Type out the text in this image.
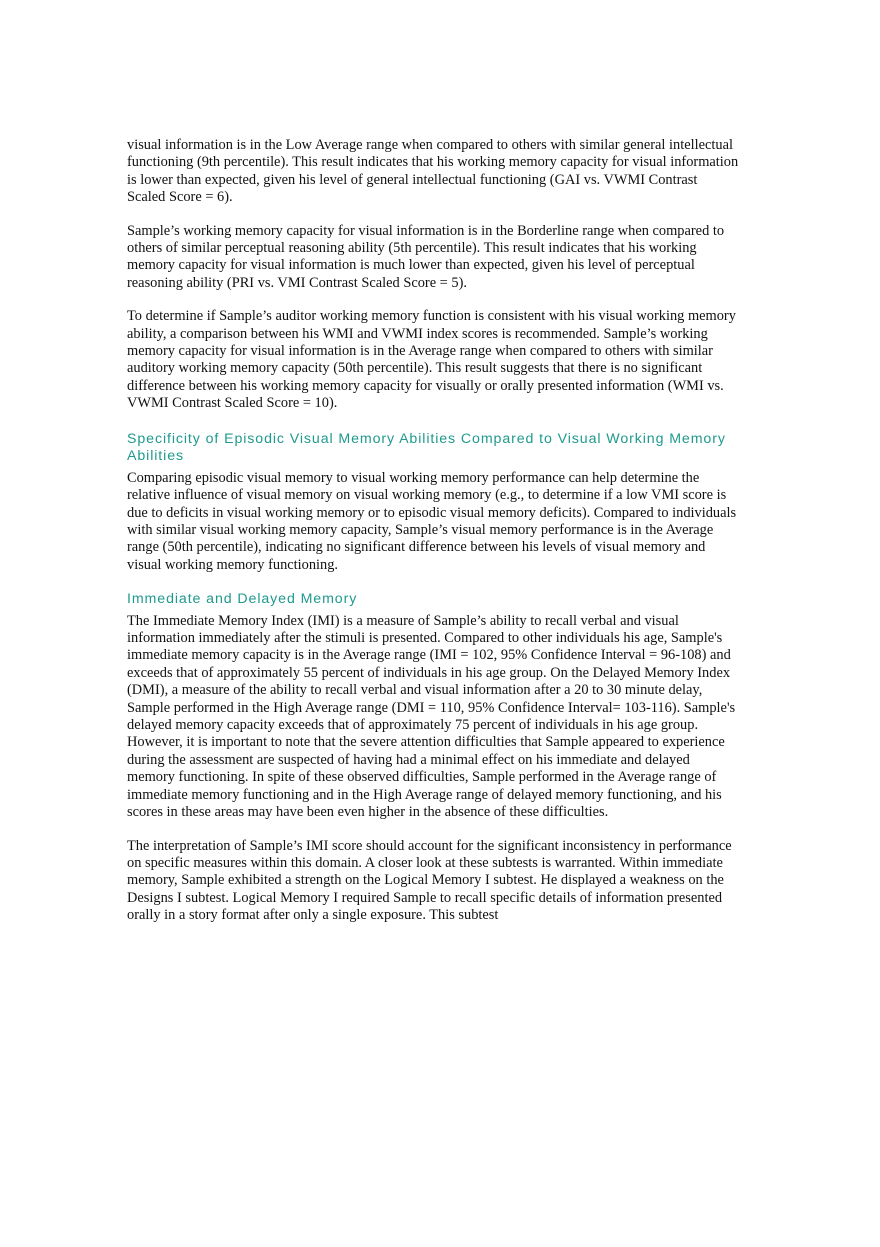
visual information is in the Low Average range when compared to others with similar general intellectual functioning (9th percentile). This result indicates that his working memory capacity for visual information is lower than expected, given his level of general intellectual functioning (GAI vs. VWMI Contrast Scaled Score = 6).

Sample’s working memory capacity for visual information is in the Borderline range when compared to others of similar perceptual reasoning ability (5th percentile). This result indicates that his working memory capacity for visual information is much lower than expected, given his level of perceptual reasoning ability (PRI vs. VMI Contrast Scaled Score = 5).

To determine if Sample’s auditor working memory function is consistent with his visual working memory ability, a comparison between his WMI and VWMI index scores is recommended. Sample’s working memory capacity for visual information is in the Average range when compared to others with similar auditory working memory capacity (50th percentile). This result suggests that there is no significant difference between his working memory capacity for visually or orally presented information (WMI vs. VWMI Contrast Scaled Score = 10).

Specificity of Episodic Visual Memory Abilities Compared to Visual Working Memory Abilities

Comparing episodic visual memory to visual working memory performance can help determine the relative influence of visual memory on visual working memory (e.g., to determine if a low VMI score is due to deficits in visual working memory or to episodic visual memory deficits). Compared to individuals with similar visual working memory capacity, Sample’s visual memory performance is in the Average range (50th percentile), indicating no significant difference between his levels of visual memory and visual working memory functioning.

Immediate and Delayed Memory

The Immediate Memory Index (IMI) is a measure of Sample’s ability to recall verbal and visual information immediately after the stimuli is presented. Compared to other individuals his age, Sample's immediate memory capacity is in the Average range (IMI = 102, 95% Confidence Interval = 96-108) and exceeds that of approximately 55 percent of individuals in his age group. On the Delayed Memory Index (DMI), a measure of the ability to recall verbal and visual information after a 20 to 30 minute delay, Sample performed in the High Average range (DMI = 110, 95% Confidence Interval= 103-116). Sample's delayed memory capacity exceeds that of approximately 75 percent of individuals in his age group. However, it is important to note that the severe attention difficulties that Sample appeared to experience during the assessment are suspected of having had a minimal effect on his immediate and delayed memory functioning. In spite of these observed difficulties, Sample performed in the Average range of immediate memory functioning and in the High Average range of delayed memory functioning, and his scores in these areas may have been even higher in the absence of these difficulties.

The interpretation of Sample’s IMI score should account for the significant inconsistency in performance on specific measures within this domain. A closer look at these subtests is warranted. Within immediate memory, Sample exhibited a strength on the Logical Memory I subtest. He displayed a weakness on the Designs I subtest. Logical Memory I required Sample to recall specific details of information presented orally in a story format after only a single exposure. This subtest
